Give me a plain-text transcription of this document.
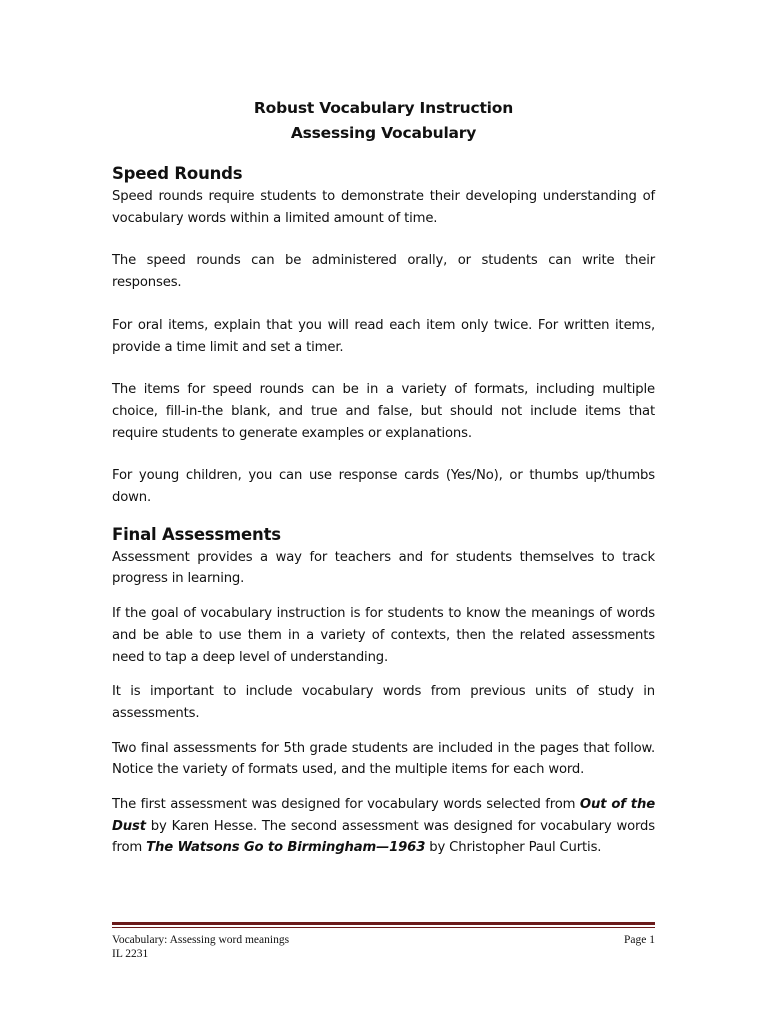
Robust Vocabulary Instruction
Assessing Vocabulary
Speed Rounds

Speed rounds require students to demonstrate their developing understanding of vocabulary words within a limited amount of time.

The speed rounds can be administered orally, or students can write their responses.

For oral items, explain that you will read each item only twice. For written items, provide a time limit and set a timer.

The items for speed rounds can be in a variety of formats, including multiple choice, fill-in-the blank, and true and false, but should not include items that require students to generate examples or explanations.

For young children, you can use response cards (Yes/No), or thumbs up/thumbs down.

Final Assessments

Assessment provides a way for teachers and for students themselves to track progress in learning.

If the goal of vocabulary instruction is for students to know the meanings of words and be able to use them in a variety of contexts, then the related assessments need to tap a deep level of understanding.

It is important to include vocabulary words from previous units of study in assessments.

Two final assessments for 5th grade students are included in the pages that follow. Notice the variety of formats used, and the multiple items for each word.

The first assessment was designed for vocabulary words selected from Out of the Dust by Karen Hesse. The second assessment was designed for vocabulary words from The Watsons Go to Birmingham—1963 by Christopher Paul Curtis.

Vocabulary: Assessing word meanings	Page 1
IL 2231
